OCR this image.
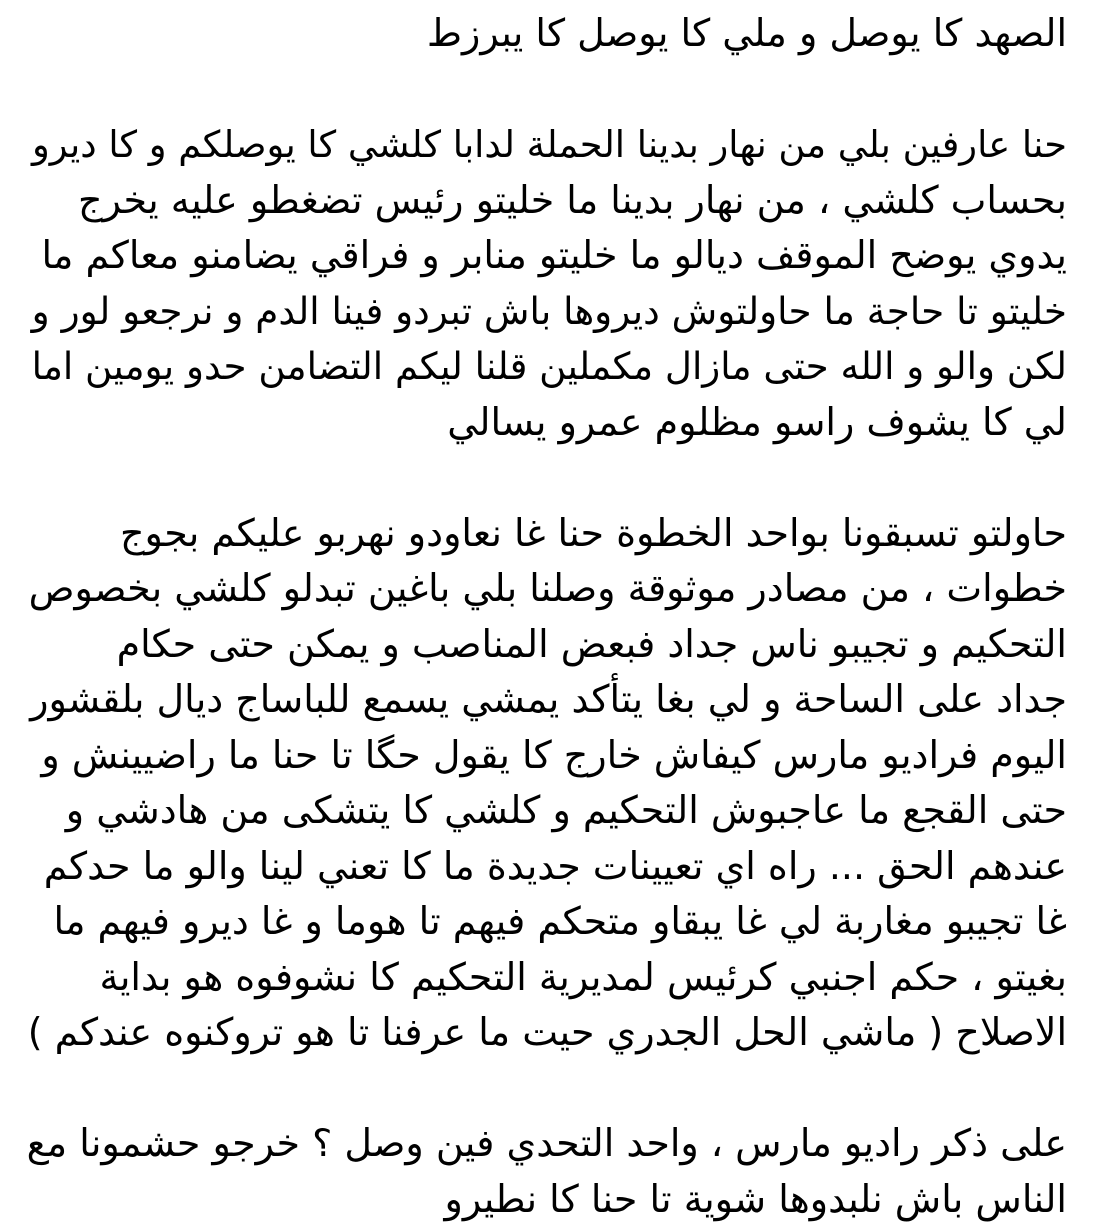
الصهد كا يوصل و ملي كا يوصل كا يبرزط
حنا عارفين بلي من نهار بدينا الحملة لدابا كلشي كا يوصلكم و كا ديرو
بحساب كلشي ، من نهار بدينا ما خليتو رئيس تضغطو عليه يخرج
يدوي يوضح الموقف ديالو ما خليتو منابر و فراقي يضامنو معاكم ما
خليتو تا حاجة ما حاولتوش ديروها باش تبردو فينا الدم و نرجعو لور و
لكن والو و الله حتى مازال مكملين قلنا ليكم التضامن حدو يومين اما
لي كا يشوف راسو مظلوم عمرو يسالي
حاولتو تسبقونا بواحد الخطوة حنا غا نعاودو نهربو عليكم بجوج
خطوات ، من مصادر موثوقة وصلنا بلي باغين تبدلو كلشي بخصوص
التحكيم و تجيبو ناس جداد فبعض المناصب و يمكن حتى حكام
جداد على الساحة و لي بغا يتأكد يمشي يسمع للباساج ديال بلقشور
اليوم فراديو مارس كيفاش خارج كا يقول حگا تا حنا ما راضيينش و
حتى القجع ما عاجبوش التحكيم و كلشي كا يتشكى من هادشي و
عندهم الحق ... راه اي تعيينات جديدة ما كا تعني لينا والو ما حدكم
غا تجيبو مغاربة لي غا يبقاو متحكم فيهم تا هوما و غا ديرو فيهم ما
بغيتو ، حكم اجنبي كرئيس لمديرية التحكيم كا نشوفوه هو بداية
الاصلاح ( ماشي الحل الجدري حيت ما عرفنا تا هو تروكنوه عندكم )
على ذكر راديو مارس ، واحد التحدي فين وصل ؟ خرجو حشمونا مع
الناس باش نلبدوها شوية تا حنا كا نطيرو
